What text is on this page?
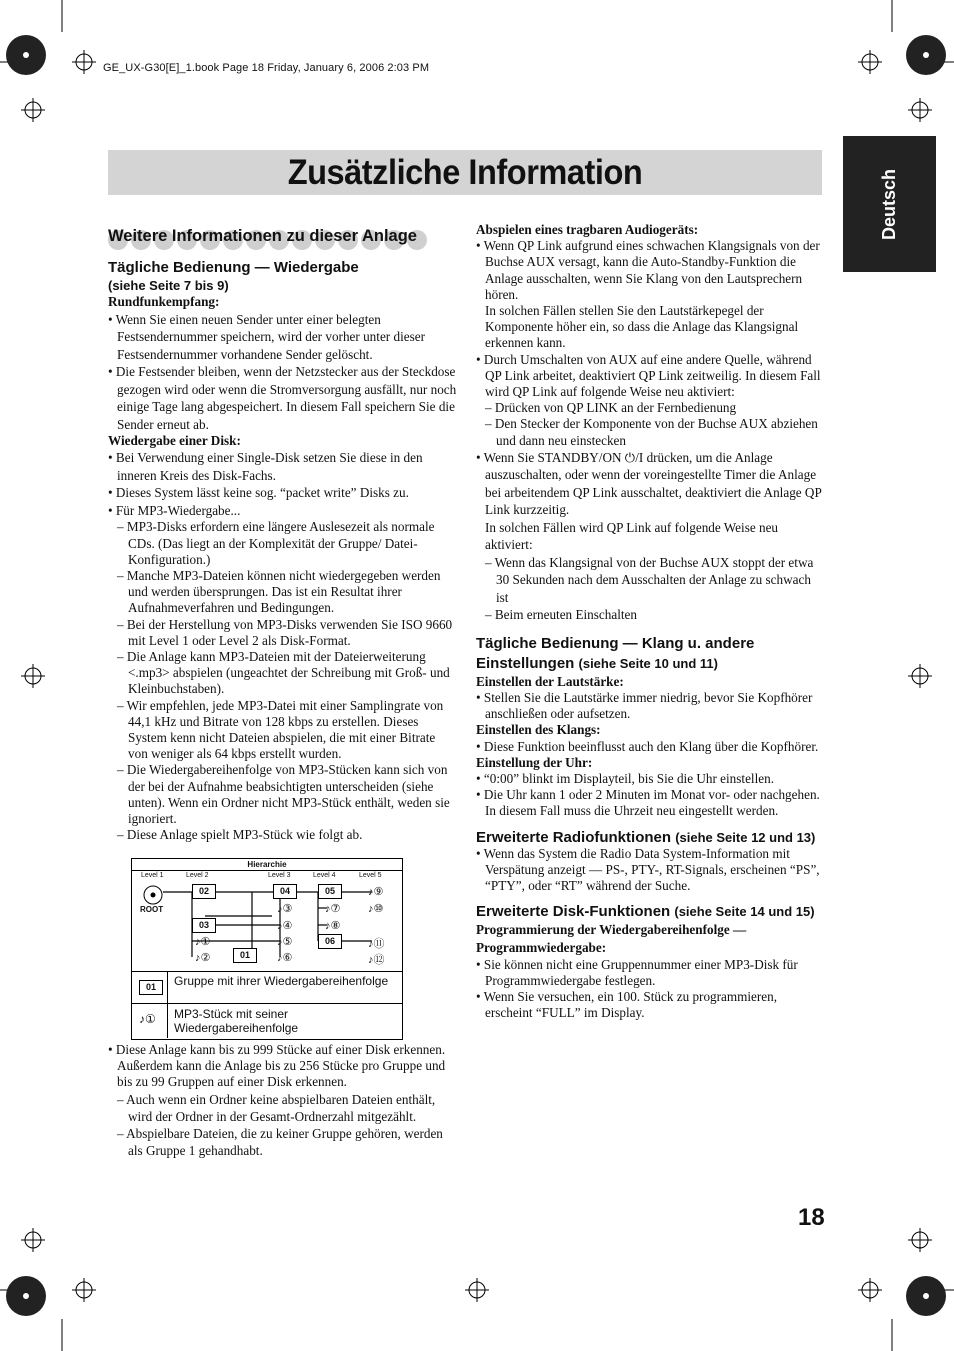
GE_UX-G30[E]_1.book Page 18 Friday, January 6, 2006 2:03 PM
Zusätzliche Information	Deutsch
Weitere Informationen zu dieser Anlage
Tägliche Bedienung — Wiedergabe
(siehe Seite 7 bis 9)

Rundfunkempfang:

• Wenn Sie einen neuen Sender unter einer belegten Festsendernummer speichern, wird der vorher unter dieser Festsendernummer vorhandene Sender gelöscht.

• Die Festsender bleiben, wenn der Netzstecker aus der Steckdose gezogen wird oder wenn die Stromversorgung ausfällt, nur noch einige Tage lang abgespeichert. In diesem Fall speichern Sie die Sender erneut ab.

Wiedergabe einer Disk:

• Bei Verwendung einer Single-Disk setzen Sie diese in den inneren Kreis des Disk-Fachs.

• Dieses System lässt keine sog. “packet write” Disks zu.

• Für MP3-Wiedergabe...

– MP3-Disks erfordern eine längere Auslesezeit als normale CDs. (Das liegt an der Komplexität der Gruppe/ Datei-Konfiguration.)

– Manche MP3-Dateien können nicht wiedergegeben werden und werden übersprungen. Das ist ein Resultat ihrer Aufnahmeverfahren und Bedingungen.

– Bei der Herstellung von MP3-Disks verwenden Sie ISO 9660 mit Level 1 oder Level 2 als Disk-Format.

– Die Anlage kann MP3-Dateien mit der Dateierweiterung <.mp3> abspielen (ungeachtet der Schreibung mit Groß- und Kleinbuchstaben).

– Wir empfehlen, jede MP3-Datei mit einer Samplingrate von 44,1 kHz und Bitrate von 128 kbps zu erstellen. Dieses System kenn nicht Dateien abspielen, die mit einer Bitrate von weniger als 64 kbps erstellt wurden.

– Die Wiedergabereihenfolge von MP3-Stücken kann sich von der bei der Aufnahme beabsichtigten unterscheiden (siehe unten). Wenn ein Ordner nicht MP3-Stück enthält, weden sie ignoriert.

– Diese Anlage spielt MP3-Stück wie folgt ab.

Hierarchie
Level 1	Level 2	Level 3	Level 4	Level 5
02	04	05
03
06
01
ROOT
♪⑨
♪⑩
♪③	♪⑦
♪④	♪⑧
♪⑤	♪⑪
♪⑥	♪⑫
♪①
♪②
01	Gruppe mit ihrer Wiedergabereihenfolge
♪① MP3-Stück mit seiner Wiedergabereihenfolge

• Diese Anlage kann bis zu 999 Stücke auf einer Disk erkennen. Außerdem kann die Anlage bis zu 256 Stücke pro Gruppe und bis zu 99 Gruppen auf einer Disk erkennen.

– Auch wenn ein Ordner keine abspielbaren Dateien enthält, wird der Ordner in der Gesamt-Ordnerzahl mitgezählt.

– Abspielbare Dateien, die zu keiner Gruppe gehören, werden als Gruppe 1 gehandhabt.

Abspielen eines tragbaren Audiogeräts:

• Wenn QP Link aufgrund eines schwachen Klangsignals von der Buchse AUX versagt, kann die Auto-Standby-Funktion die Anlage ausschalten, wenn Sie Klang von den Lautsprechern hören.

In solchen Fällen stellen Sie den Lautstärkepegel der Komponente höher ein, so dass die Anlage das Klangsignal erkennen kann.

• Durch Umschalten von AUX auf eine andere Quelle, während QP Link arbeitet, deaktiviert QP Link zeitweilig. In diesem Fall wird QP Link auf folgende Weise neu aktiviert:

– Drücken von QP LINK an der Fernbedienung

– Den Stecker der Komponente von der Buchse AUX abziehen und dann neu einstecken

• Wenn Sie STANDBY/ON ⏻/I drücken, um die Anlage auszuschalten, oder wenn der voreingestellte Timer die Anlage bei arbeitendem QP Link ausschaltet, deaktiviert die Anlage QP Link kurzzeitig.

In solchen Fällen wird QP Link auf folgende Weise neu aktiviert:

– Wenn das Klangsignal von der Buchse AUX stoppt der etwa 30 Sekunden nach dem Ausschalten der Anlage zu schwach ist

– Beim erneuten Einschalten

Tägliche Bedienung — Klang u. andere Einstellungen (siehe Seite 10 und 11)

Einstellen der Lautstärke:

• Stellen Sie die Lautstärke immer niedrig, bevor Sie Kopfhörer anschließen oder aufsetzen.

Einstellen des Klangs:

• Diese Funktion beeinflusst auch den Klang über die Kopfhörer.

Einstellung der Uhr:

• “0:00” blinkt im Displayteil, bis Sie die Uhr einstellen.

• Die Uhr kann 1 oder 2 Minuten im Monat vor- oder nachgehen. In diesem Fall muss die Uhrzeit neu eingestellt werden.

Erweiterte Radiofunktionen (siehe Seite 12 und 13)

• Wenn das System die Radio Data System-Information mit Verspätung anzeigt — PS-, PTY-, RT-Signals, erscheinen “PS”, “PTY”, oder “RT” während der Suche.

Erweiterte Disk-Funktionen (siehe Seite 14 und 15)

Programmierung der Wiedergabereihenfolge — Programmwiedergabe:

• Sie können nicht eine Gruppennummer einer MP3-Disk für Programmwiedergabe festlegen.

• Wenn Sie versuchen, ein 100. Stück zu programmieren, erscheint “FULL” im Display.

18
